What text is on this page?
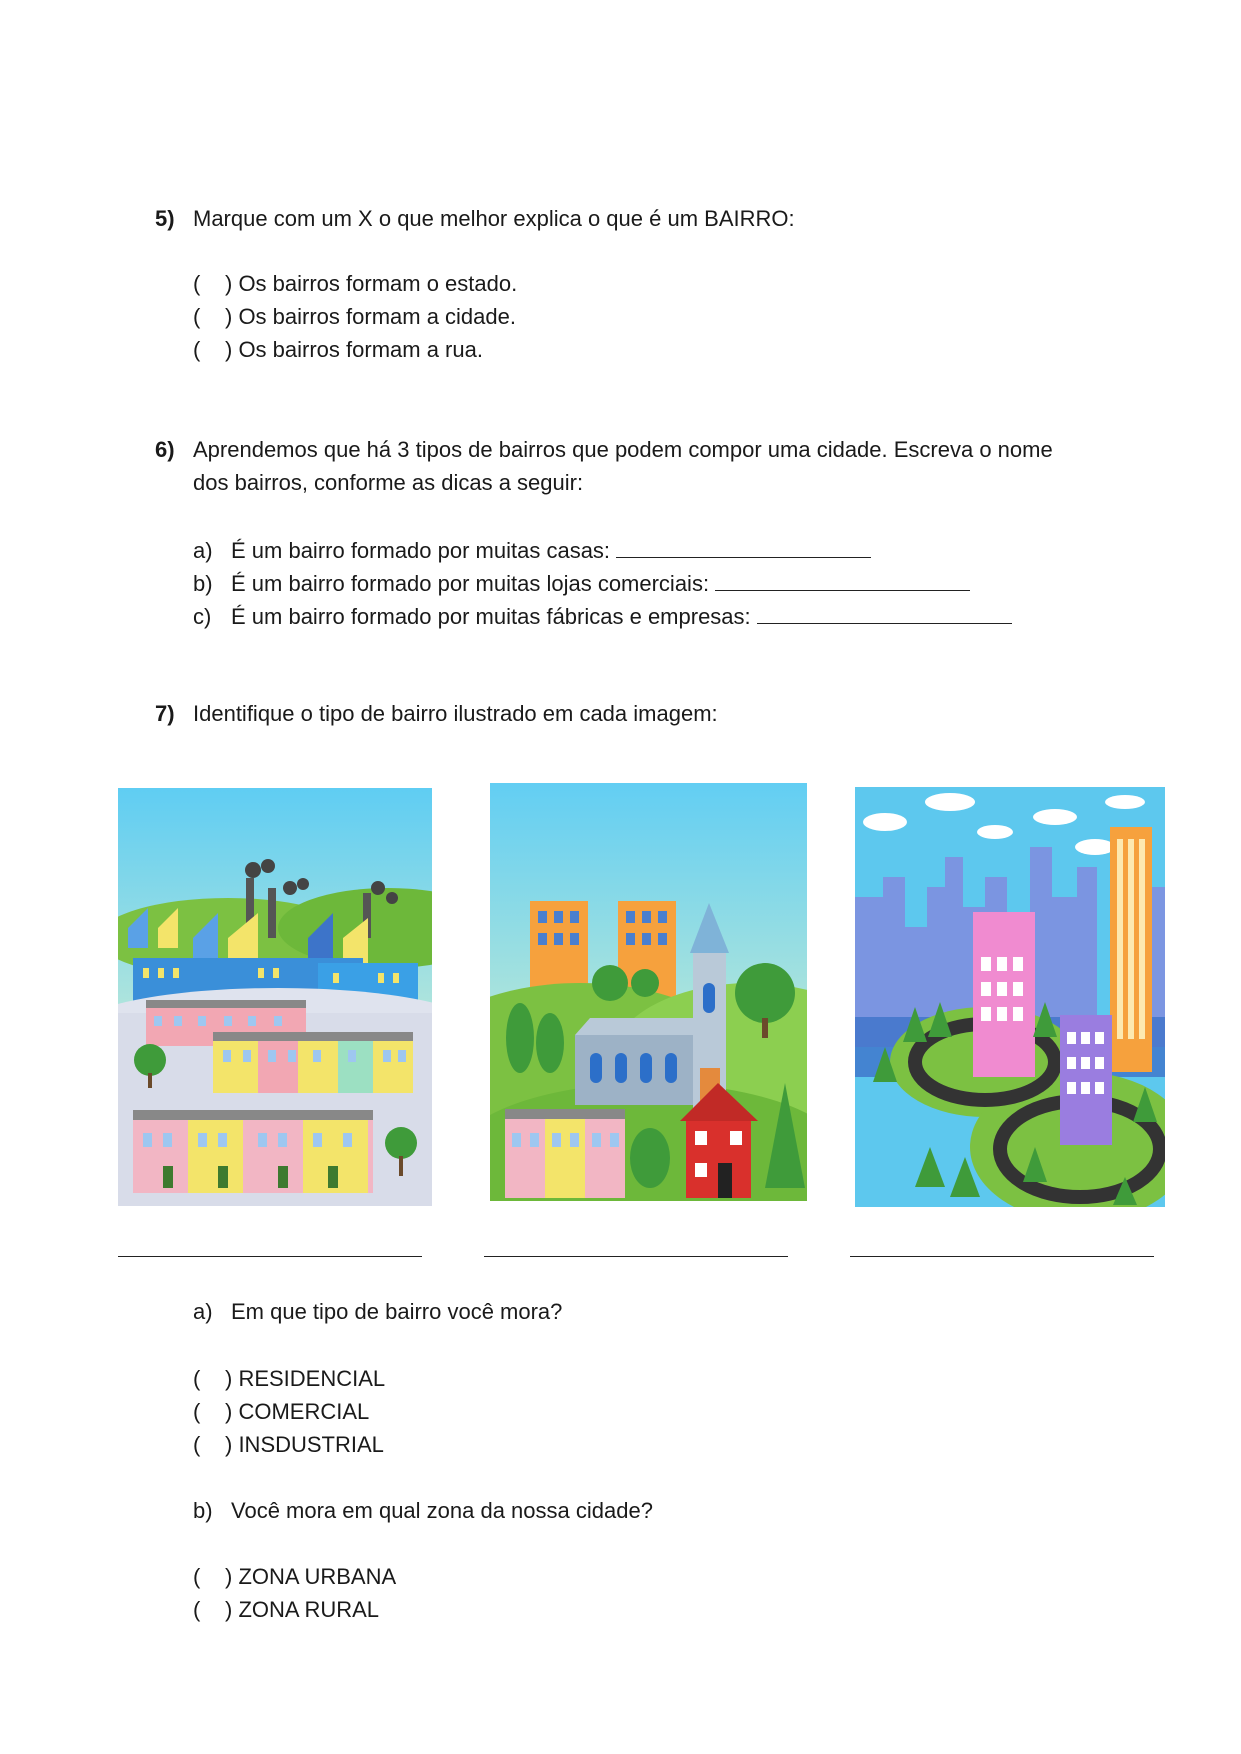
5) Marque com um X o que melhor explica o que é um BAIRRO:
( ) Os bairros formam o estado.
( ) Os bairros formam a cidade.
( ) Os bairros formam a rua.
6) Aprendemos que há 3 tipos de bairros que podem compor uma cidade. Escreva o nome
dos bairros, conforme as dicas a seguir:
a) É um bairro formado por muitas casas:
b) É um bairro formado por muitas lojas comerciais:
c) É um bairro formado por muitas fábricas e empresas:
7) Identifique o tipo de bairro ilustrado em cada imagem:
a) Em que tipo de bairro você mora?
( ) RESIDENCIAL
( ) COMERCIAL
( ) INSDUSTRIAL
b) Você mora em qual zona da nossa cidade?
( ) ZONA URBANA
( ) ZONA RURAL
